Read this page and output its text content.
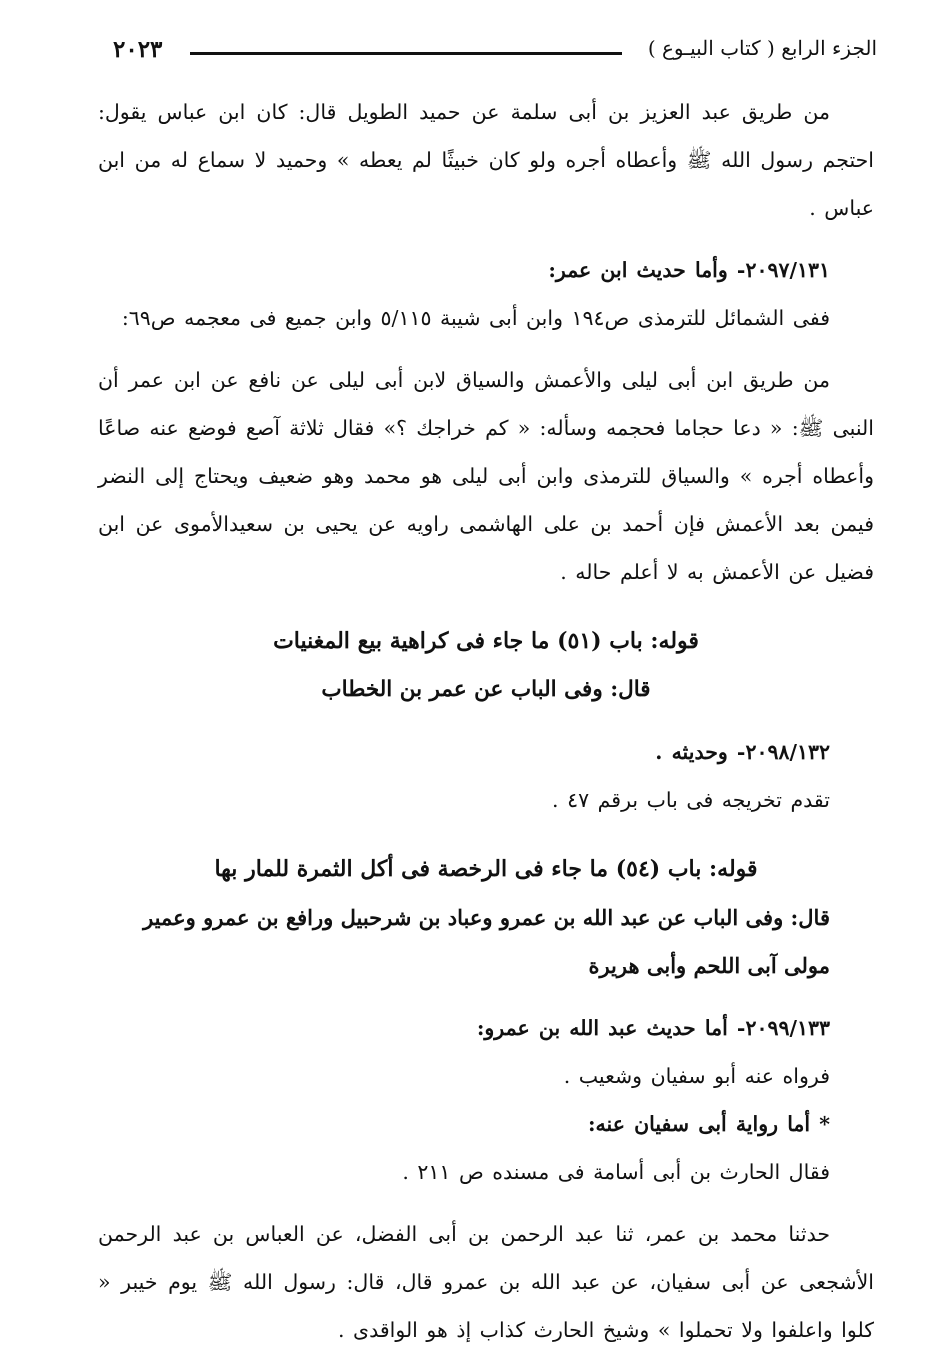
٢٠٢٣	الجزء الرابع ( كتاب البيـوع )

من طريق عبد العزيز بن أبى سلمة عن حميد الطويل قال: كان ابن عباس يقول: احتجم رسول الله ﷺ وأعطاه أجره ولو كان خبيثًا لم يعطه » وحميد لا سماع له من ابن عباس .

٢٠٩٧/١٣١- وأما حديث ابن عمر:

ففى الشمائل للترمذى ص١٩٤ وابن أبى شيبة ٥/١١٥ وابن جميع فى معجمه ص٦٩:

من طريق ابن أبى ليلى والأعمش والسياق لابن أبى ليلى عن نافع عن ابن عمر أن النبى ﷺ: « دعا حجاما فحجمه وسأله: « كم خراجك ؟» فقال ثلاثة آصع فوضع عنه صاعًا وأعطاه أجره » والسياق للترمذى وابن أبى ليلى هو محمد وهو ضعيف ويحتاج إلى النضر فيمن بعد الأعمش فإن أحمد بن على الهاشمى راويه عن يحيى بن سعيدالأموى عن ابن فضيل عن الأعمش به لا أعلم حاله .

قوله: باب (٥١) ما جاء فى كراهية بيع المغنيات
قال: وفى الباب عن عمر بن الخطاب

٢٠٩٨/١٣٢- وحديثه .

تقدم تخريجه فى باب برقم ٤٧ .

قوله: باب (٥٤) ما جاء فى الرخصة فى أكل الثمرة للمار بها
قال: وفى الباب عن عبد الله بن عمرو وعباد بن شرحبيل ورافع بن عمرو وعمير مولى آبى اللحم وأبى هريرة

٢٠٩٩/١٣٣- أما حديث عبد الله بن عمرو:

فرواه عنه أبو سفيان وشعيب .

* أما رواية أبى سفيان عنه:

فقال الحارث بن أبى أسامة فى مسنده ص ٢١١ .

حدثنا محمد بن عمر، ثنا عبد الرحمن بن أبى الفضل، عن العباس بن عبد الرحمن الأشجعى عن أبى سفيان، عن عبد الله بن عمرو قال، قال: رسول الله ﷺ يوم خيبر « كلوا واعلفوا ولا تحملوا » وشيخ الحارث كذاب إذ هو الواقدى .
